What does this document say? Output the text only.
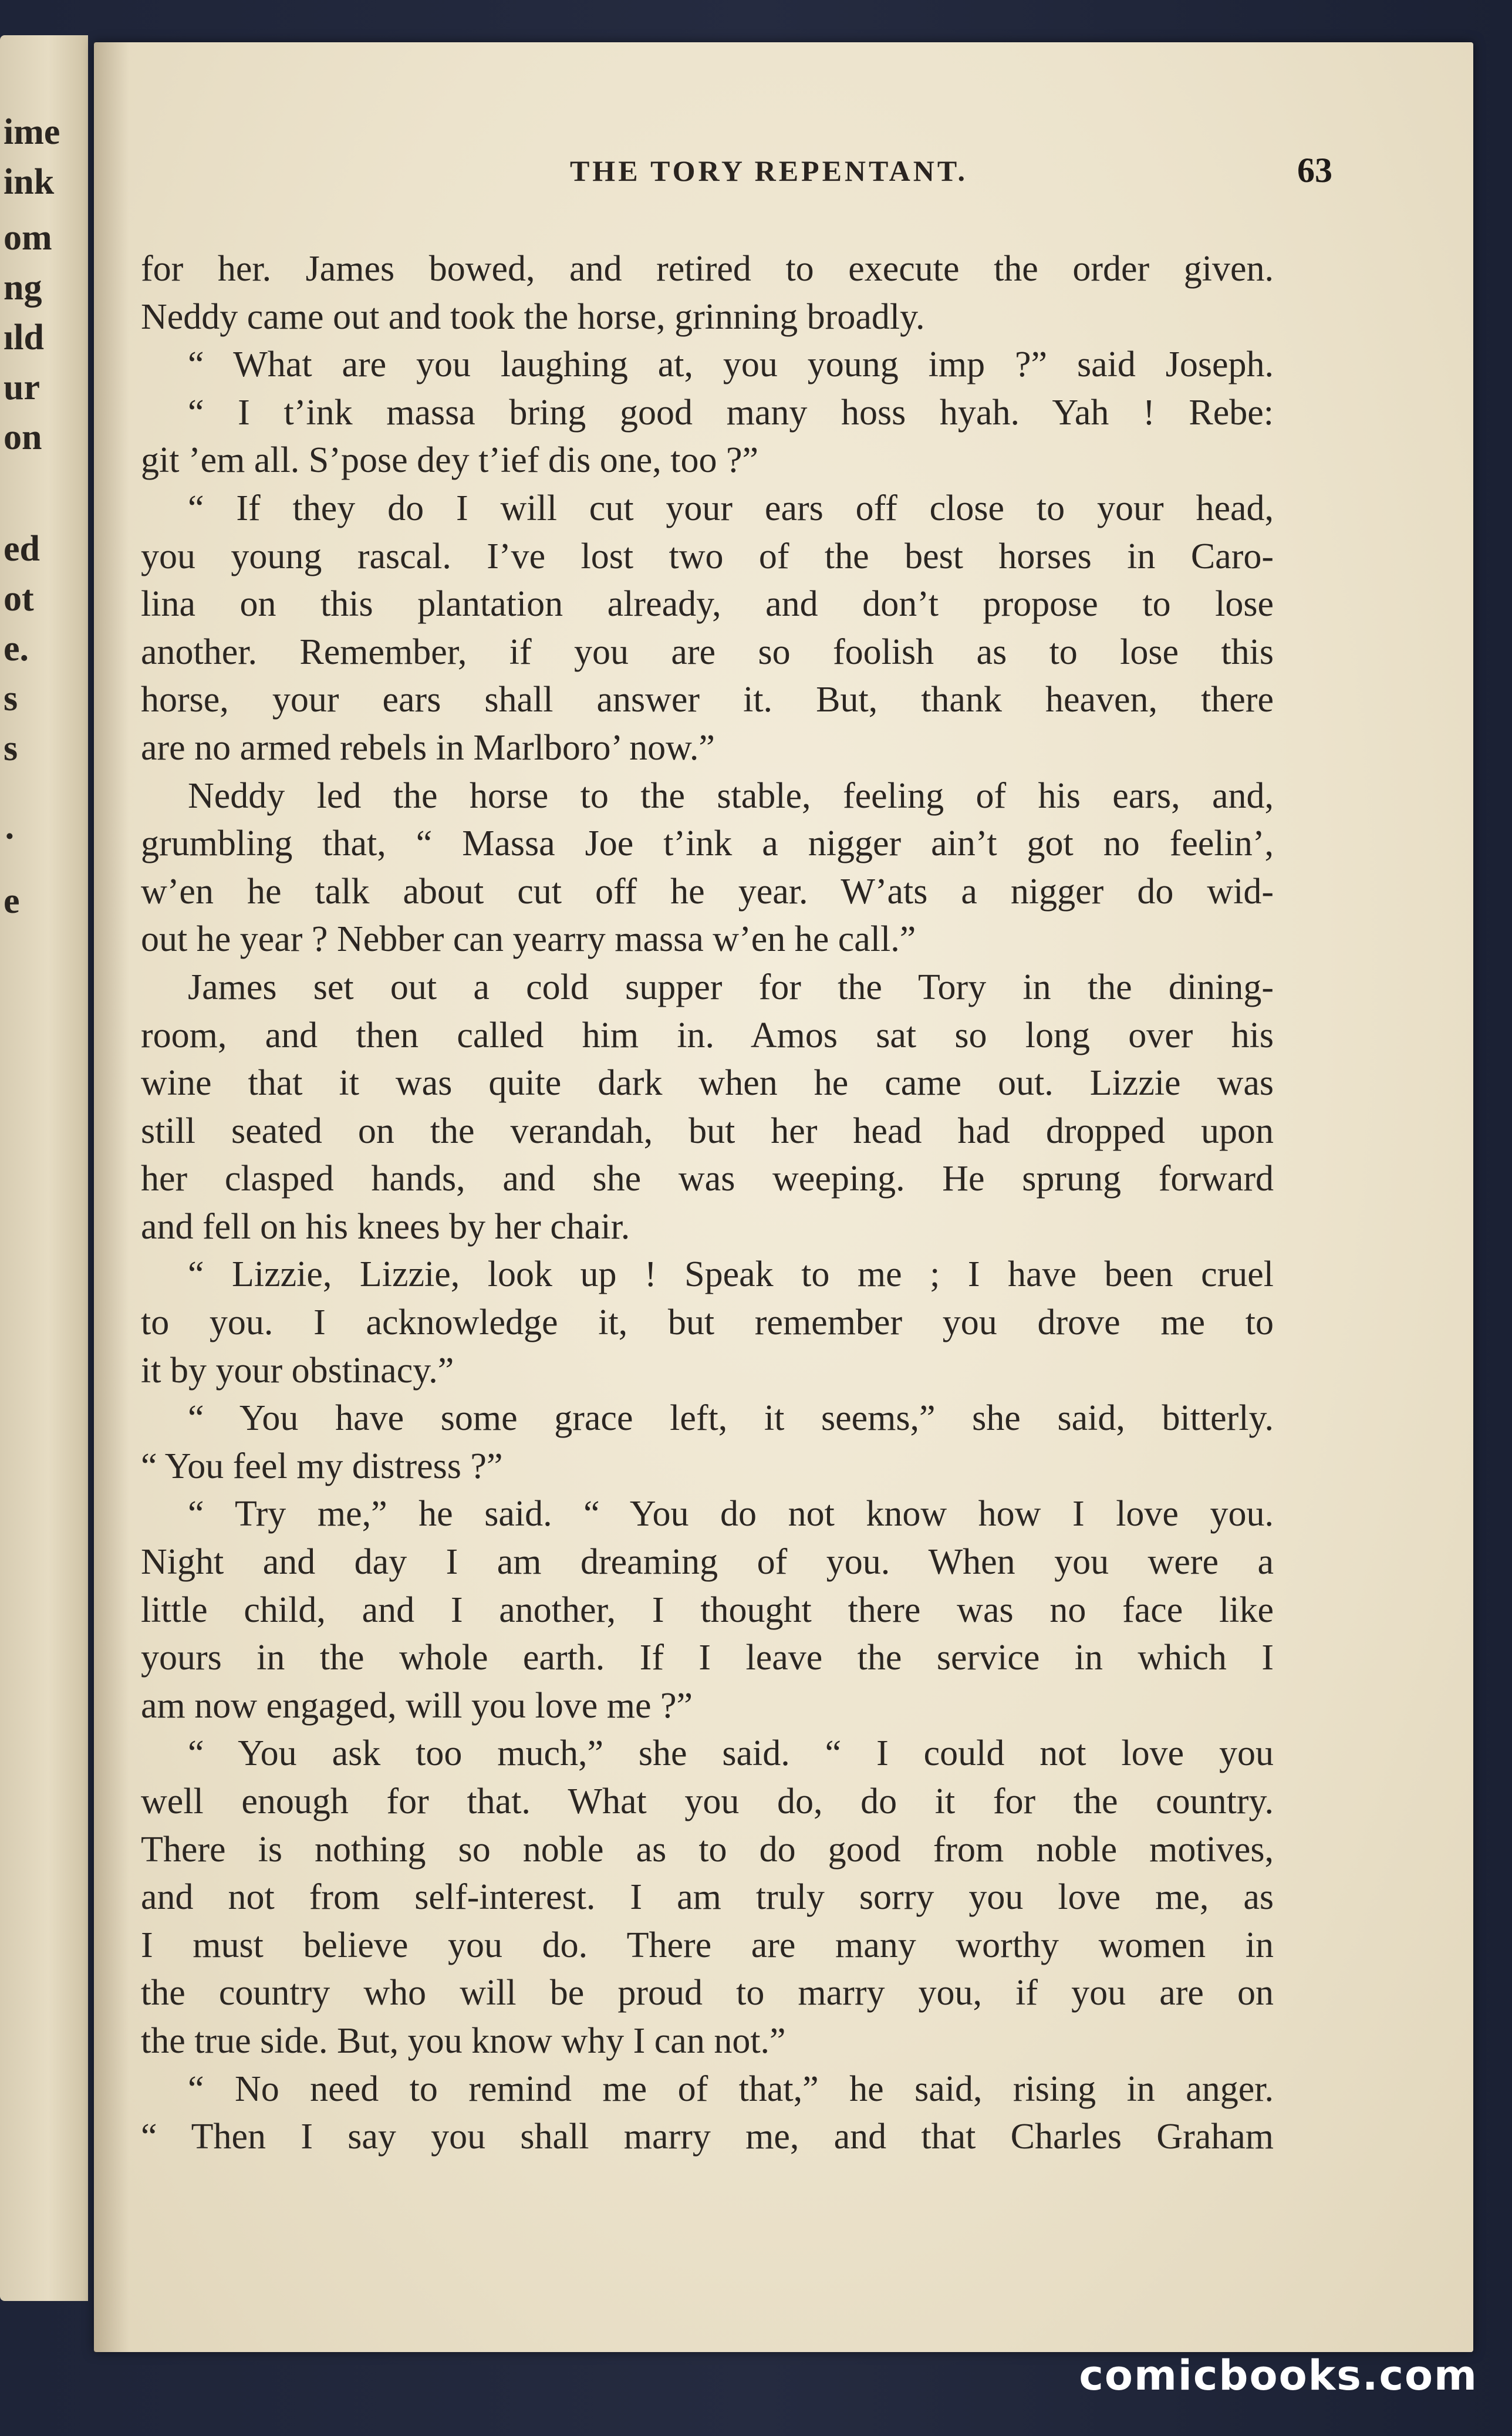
ime
ink
om
ng
ıld
ur
on
ed
ot
e.
s
s
·
e
THE TORY REPENTANT.	63
for her. James bowed, and retired to execute the order given.
Neddy came out and took the horse, grinning broadly.
“ What are you laughing at, you young imp ?” said Joseph.
“ I t’ink massa bring good many hoss hyah. Yah ! Rebe:
git ’em all. S’pose dey t’ief dis one, too ?”
“ If they do I will cut your ears off close to your head,
you young rascal. I’ve lost two of the best horses in Caro-
lina on this plantation already, and don’t propose to lose
another. Remember, if you are so foolish as to lose this
horse, your ears shall answer it. But, thank heaven, there
are no armed rebels in Marlboro’ now.”
Neddy led the horse to the stable, feeling of his ears, and,
grumbling that, “ Massa Joe t’ink a nigger ain’t got no feelin’,
w’en he talk about cut off he year. W’ats a nigger do wid-
out he year ? Nebber can yearry massa w’en he call.”
James set out a cold supper for the Tory in the dining-
room, and then called him in. Amos sat so long over his
wine that it was quite dark when he came out. Lizzie was
still seated on the verandah, but her head had dropped upon
her clasped hands, and she was weeping. He sprung forward
and fell on his knees by her chair.
“ Lizzie, Lizzie, look up ! Speak to me ; I have been cruel
to you. I acknowledge it, but remember you drove me to
it by your obstinacy.”
“ You have some grace left, it seems,” she said, bitterly.
“ You feel my distress ?”
“ Try me,” he said. “ You do not know how I love you.
Night and day I am dreaming of you. When you were a
little child, and I another, I thought there was no face like
yours in the whole earth. If I leave the service in which I
am now engaged, will you love me ?”
“ You ask too much,” she said. “ I could not love you
well enough for that. What you do, do it for the country.
There is nothing so noble as to do good from noble motives,
and not from self-interest. I am truly sorry you love me, as
I must believe you do. There are many worthy women in
the country who will be proud to marry you, if you are on
the true side. But, you know why I can not.”
“ No need to remind me of that,” he said, rising in anger.
“ Then I say you shall marry me, and that Charles Graham
comicbooks.com
